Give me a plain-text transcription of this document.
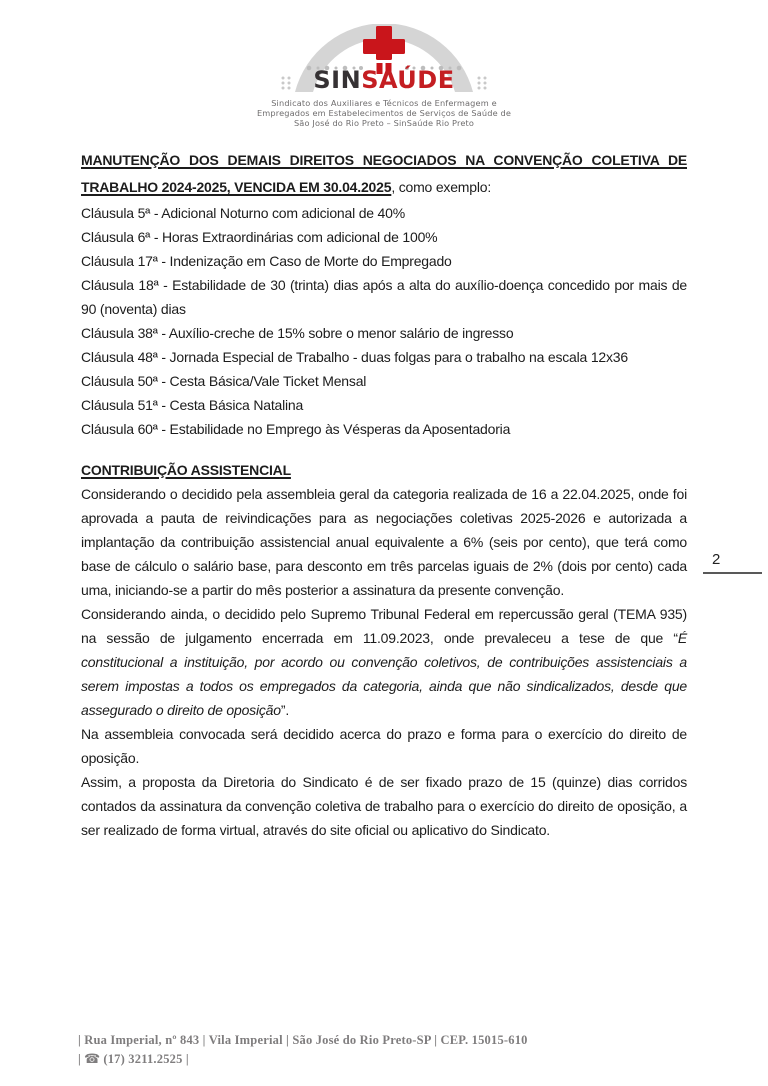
SINSAÚDE
Sindicato dos Auxiliares e Técnicos de Enfermagem e
Empregados em Estabelecimentos de Serviços de Saúde de
São José do Rio Preto – SinSaúde Rio Preto
2

MANUTENÇÃO DOS DEMAIS DIREITOS NEGOCIADOS NA CONVENÇÃO COLETIVA DE TRABALHO 2024-2025, VENCIDA EM 30.04.2025, como exemplo:

Cláusula 5ª - Adicional Noturno com adicional de 40%

Cláusula 6ª - Horas Extraordinárias com adicional de 100%

Cláusula 17ª - Indenização em Caso de Morte do Empregado

Cláusula 18ª - Estabilidade de 30 (trinta) dias após a alta do auxílio-doença concedido por mais de 90 (noventa) dias

Cláusula 38ª - Auxílio-creche de 15% sobre o menor salário de ingresso

Cláusula 48ª - Jornada Especial de Trabalho - duas folgas para o trabalho na escala 12x36

Cláusula 50ª - Cesta Básica/Vale Ticket Mensal

Cláusula 51ª - Cesta Básica Natalina

Cláusula 60ª - Estabilidade no Emprego às Vésperas da Aposentadoria

CONTRIBUIÇÃO ASSISTENCIAL

Considerando o decidido pela assembleia geral da categoria realizada de 16 a 22.04.2025, onde foi aprovada a pauta de reivindicações para as negociações coletivas 2025-2026 e autorizada a implantação da contribuição assistencial anual equivalente a 6% (seis por cento), que terá como base de cálculo o salário base, para desconto em três parcelas iguais de 2% (dois por cento) cada uma, iniciando-se a partir do mês posterior a assinatura da presente convenção.

Considerando ainda, o decidido pelo Supremo Tribunal Federal em repercussão geral (TEMA 935) na sessão de julgamento encerrada em 11.09.2023, onde prevaleceu a tese de que “É constitucional a instituição, por acordo ou convenção coletivos, de contribuições assistenciais a serem impostas a todos os empregados da categoria, ainda que não sindicalizados, desde que assegurado o direito de oposição”.

Na assembleia convocada será decidido acerca do prazo e forma para o exercício do direito de oposição.

Assim, a proposta da Diretoria do Sindicato é de ser fixado prazo de 15 (quinze) dias corridos contados da assinatura da convenção coletiva de trabalho para o exercício do direito de oposição, a ser realizado de forma virtual, através do site oficial ou aplicativo do Sindicato.

| Rua Imperial, nº 843 | Vila Imperial | São José do Rio Preto-SP | CEP. 15015-610
| ☎ (17) 3211.2525 |
